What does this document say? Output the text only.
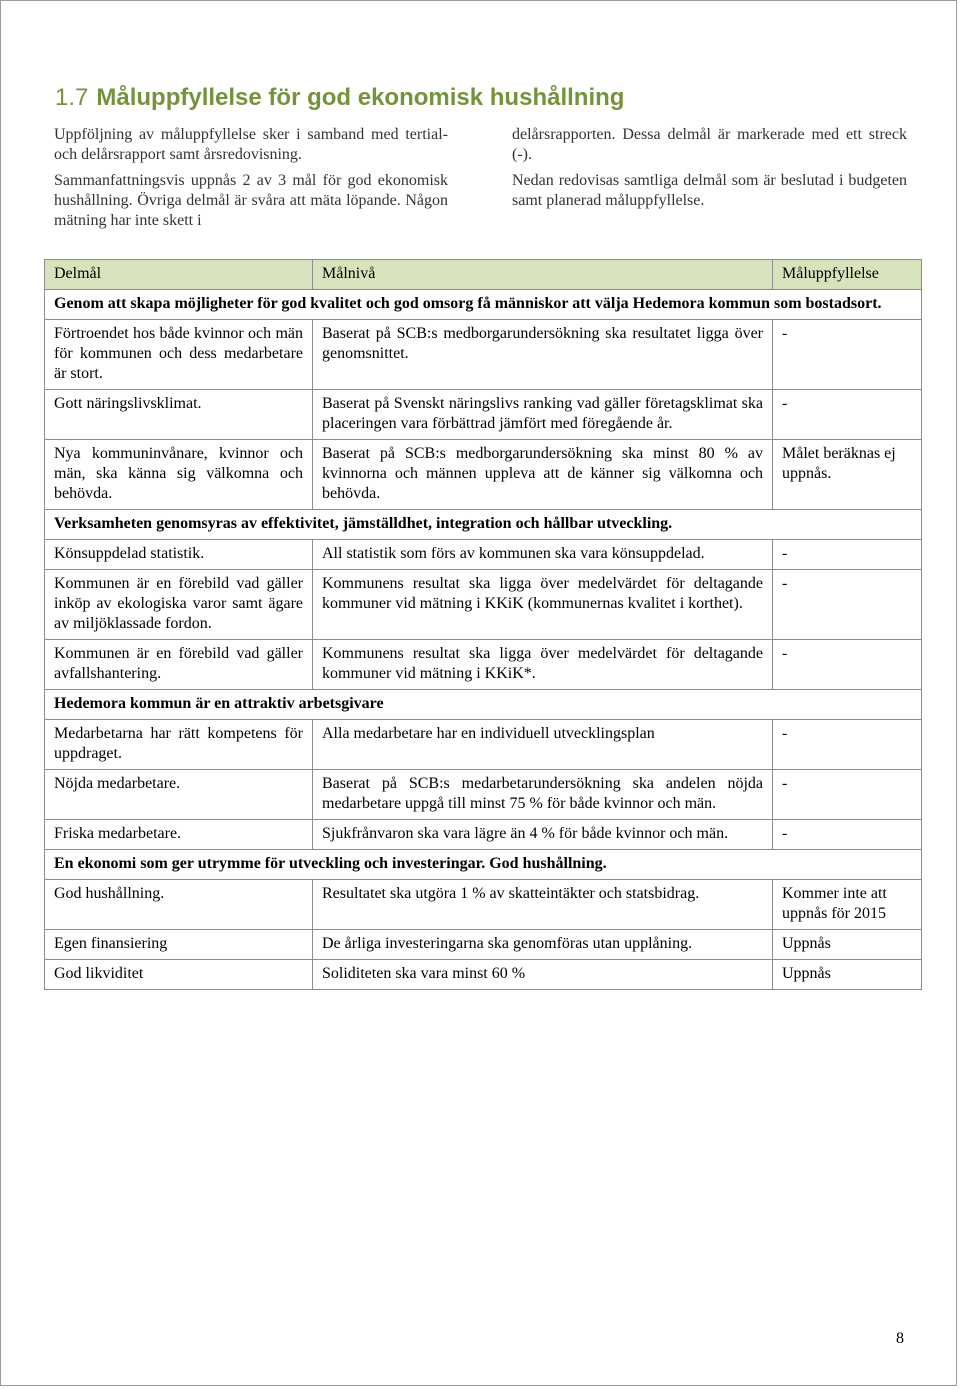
1.7 Måluppfyllelse för god ekonomisk hushållning

Uppföljning av måluppfyllelse sker i samband med tertial- och delårsrapport samt årsredovisning.

Sammanfattningsvis uppnås 2 av 3 mål för god ekonomisk hushållning. Övriga delmål är svåra att mäta löpande. Någon mätning har inte skett i

delårsrapporten. Dessa delmål är markerade med ett streck (-).

Nedan redovisas samtliga delmål som är beslutad i budgeten samt planerad måluppfyllelse.

Delmål	Målnivå	Måluppfyllelse
Genom att skapa möjligheter för god kvalitet och god omsorg få människor att välja Hedemora kommun som bostadsort.		
Förtroendet hos både kvinnor och män för kommunen och dess medarbetare är stort.	Baserat på SCB:s medborgarundersökning ska resultatet ligga över genomsnittet.	-
Gott näringslivsklimat.	Baserat på Svenskt näringslivs ranking vad gäller företagsklimat ska placeringen vara förbättrad jämfört med föregående år.	-
Nya kommuninvånare, kvinnor och män, ska känna sig välkomna och behövda.	Baserat på SCB:s medborgarundersökning ska minst 80 % av kvinnorna och männen uppleva att de känner sig välkomna och behövda.	Målet beräknas ej uppnås.
Verksamheten genomsyras av effektivitet, jämställdhet, integration och hållbar utveckling.		
Könsuppdelad statistik.	All statistik som förs av kommunen ska vara könsuppdelad.	-
Kommunen är en förebild vad gäller inköp av ekologiska varor samt ägare av miljöklassade fordon.	Kommunens resultat ska ligga över medelvärdet för deltagande kommuner vid mätning i KKiK (kommunernas kvalitet i korthet).	-
Kommunen är en förebild vad gäller avfallshantering.	Kommunens resultat ska ligga över medelvärdet för deltagande kommuner vid mätning i KKiK*.	-
Hedemora kommun är en attraktiv arbetsgivare		
Medarbetarna har rätt kompetens för uppdraget.	Alla medarbetare har en individuell utvecklingsplan	-
Nöjda medarbetare.	Baserat på SCB:s medarbetarundersökning ska andelen nöjda medarbetare uppgå till minst 75 % för både kvinnor och män.	-
Friska medarbetare.	Sjukfrånvaron ska vara lägre än 4 % för både kvinnor och män.	-
En ekonomi som ger utrymme för utveckling och investeringar. God hushållning.		
God hushållning.	Resultatet ska utgöra 1 % av skatteintäkter och statsbidrag.	Kommer inte att uppnås för 2015
Egen finansiering	De årliga investeringarna ska genomföras utan upplåning.	Uppnås
God likviditet	Soliditeten ska vara minst 60 %	Uppnås
8
